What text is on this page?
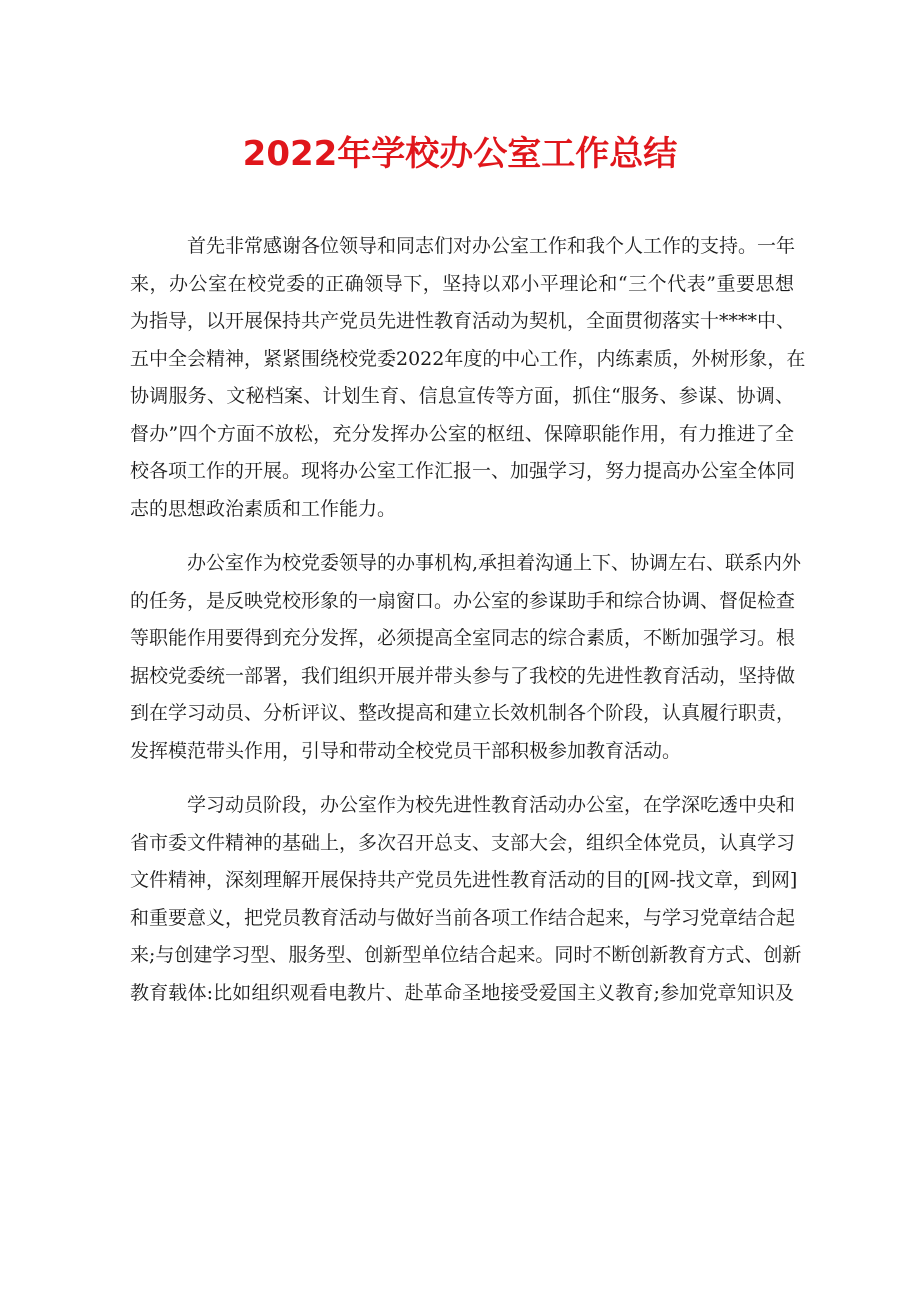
2022年学校办公室工作总结
首先非常感谢各位领导和同志们对办公室工作和我个人工作的支持。一年
来，办公室在校党委的正确领导下，坚持以邓小平理论和“三个代表”重要思想
为指导，以开展保持共产党员先进性教育活动为契机，全面贯彻落实十****中、
五中全会精神，紧紧围绕校党委2022年度的中心工作，内练素质，外树形象，在
协调服务、文秘档案、计划生育、信息宣传等方面，抓住“服务、参谋、协调、
督办”四个方面不放松，充分发挥办公室的枢纽、保障职能作用，有力推进了全
校各项工作的开展。现将办公室工作汇报一、加强学习，努力提高办公室全体同
志的思想政治素质和工作能力。
办公室作为校党委领导的办事机构,承担着沟通上下、协调左右、联系内外
的任务，是反映党校形象的一扇窗口。办公室的参谋助手和综合协调、督促检查
等职能作用要得到充分发挥，必须提高全室同志的综合素质，不断加强学习。根
据校党委统一部署，我们组织开展并带头参与了我校的先进性教育活动，坚持做
到在学习动员、分析评议、整改提高和建立长效机制各个阶段，认真履行职责，
发挥模范带头作用，引导和带动全校党员干部积极参加教育活动。
学习动员阶段，办公室作为校先进性教育活动办公室，在学深吃透中央和
省市委文件精神的基础上，多次召开总支、支部大会，组织全体党员，认真学习
文件精神，深刻理解开展保持共产党员先进性教育活动的目的[网-找文章，到网]
和重要意义，把党员教育活动与做好当前各项工作结合起来，与学习党章结合起
来;与创建学习型、服务型、创新型单位结合起来。同时不断创新教育方式、创新
教育载体:比如组织观看电教片、赴革命圣地接受爱国主义教育;参加党章知识及
